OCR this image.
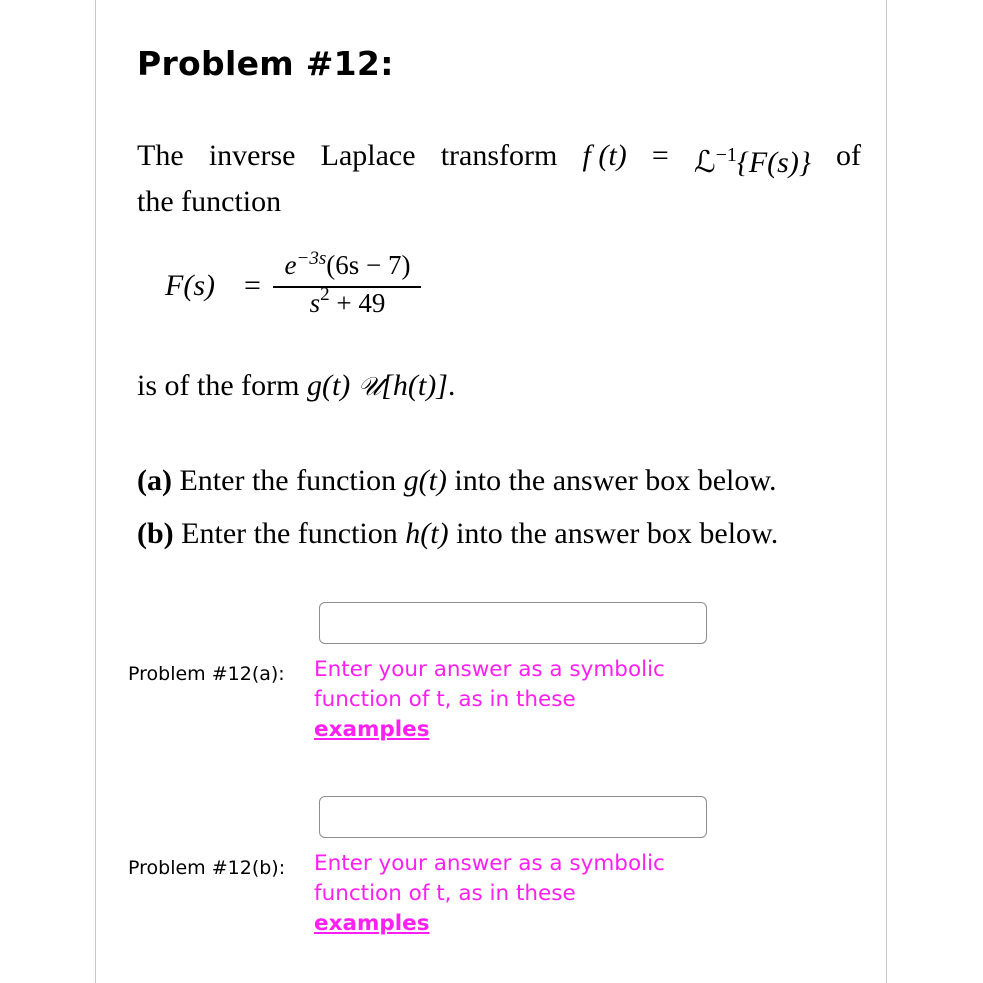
Problem #12:
The inverse Laplace transform f (t) = ℒ$^{-1}${F(s)} of
the function
F(s) =
$e^{-3s}(6s - 7)$
$s^2 + 49$
is of the form g(t) 𝒰[h(t)].
(a) Enter the function g(t) into the answer box below.
(b) Enter the function h(t) into the answer box below.
Problem #12(a): Enter your answer as a symbolic function of t, as in these
examples
Problem #12(b): Enter your answer as a symbolic function of t, as in these
examples
